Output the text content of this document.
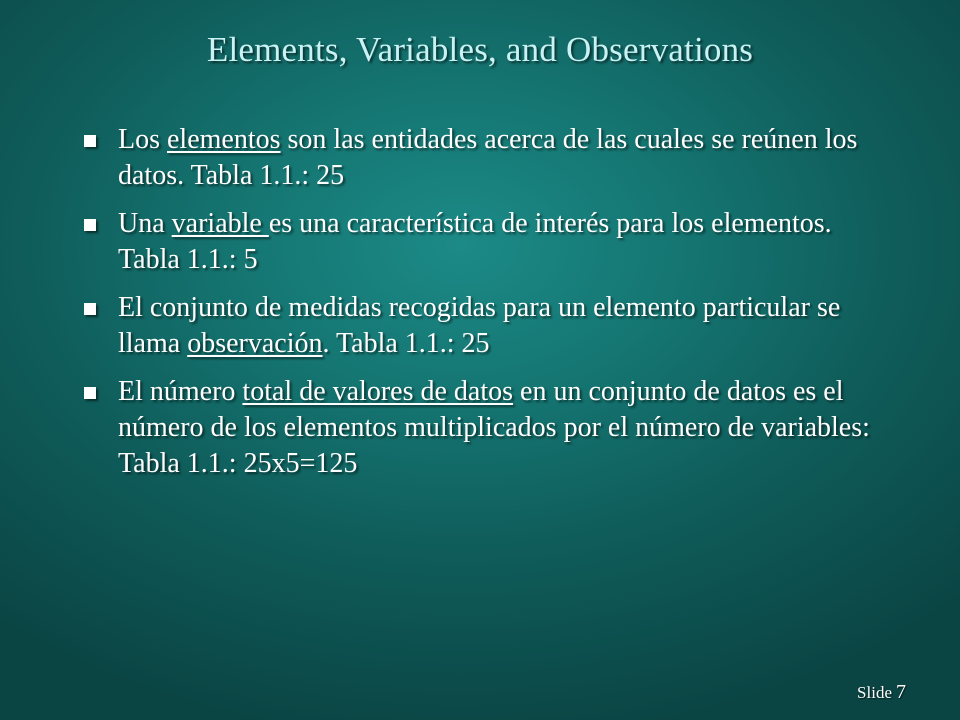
Elements, Variables, and Observations
Los elementos son las entidades acerca de las cuales se reúnen los datos. Tabla 1.1.: 25
Una variable es una característica de interés para los elementos. Tabla 1.1.: 5
El conjunto de medidas recogidas para un elemento particular se llama observación. Tabla 1.1.: 25
El número total de valores de datos en un conjunto de datos es el número de los elementos multiplicados por el número de variables: Tabla 1.1.: 25x5=125
Slide 7
